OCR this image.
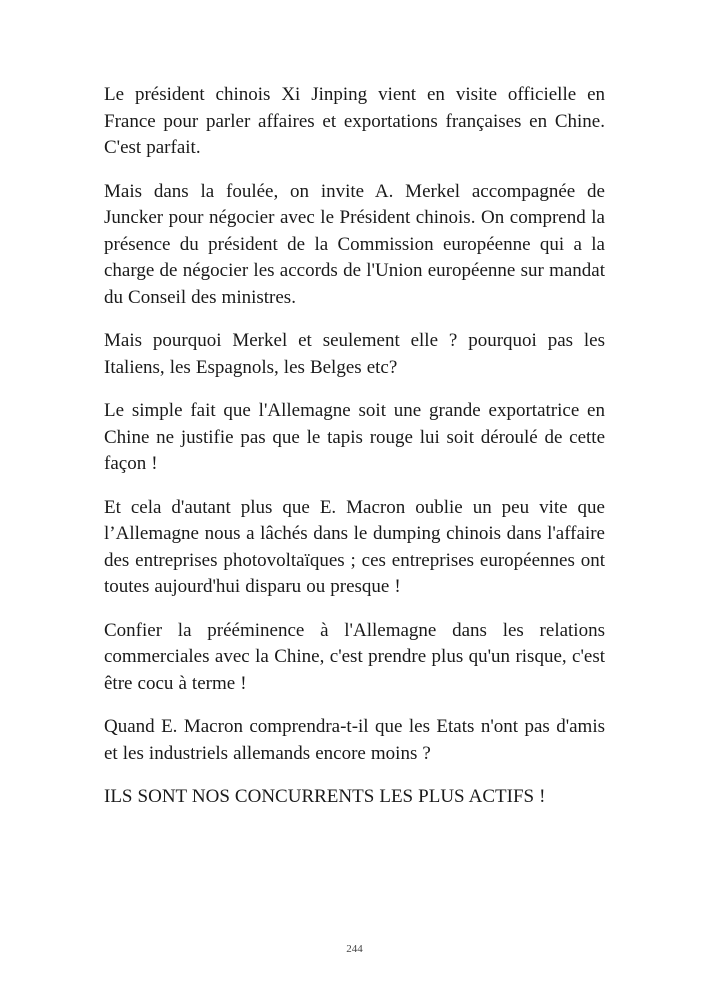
Le président chinois Xi Jinping vient en visite officielle en France pour parler affaires et exportations françaises en Chine. C'est parfait.

Mais dans la foulée, on invite A. Merkel accompagnée de Juncker pour négocier avec le Président chinois. On comprend la présence du président de la Commission européenne qui a la charge de négocier les accords de l'Union européenne sur mandat du Conseil des ministres.

Mais pourquoi Merkel et seulement elle ? pourquoi pas les Italiens, les Espagnols, les Belges etc?

Le simple fait que l'Allemagne soit une grande exportatrice en Chine ne justifie pas que le tapis rouge lui soit déroulé de cette façon !

Et cela d'autant plus que E. Macron oublie un peu vite que l’Allemagne nous a lâchés dans le dumping chinois dans l'affaire des entreprises photovoltaïques ; ces entreprises européennes ont toutes aujourd'hui disparu ou presque !

Confier la prééminence à l'Allemagne dans les relations commerciales avec la Chine, c'est prendre plus qu'un risque, c'est être cocu à terme !

Quand E. Macron comprendra-t-il que les Etats n'ont pas d'amis et les industriels allemands encore moins ?

ILS SONT NOS CONCURRENTS LES PLUS ACTIFS !

244
